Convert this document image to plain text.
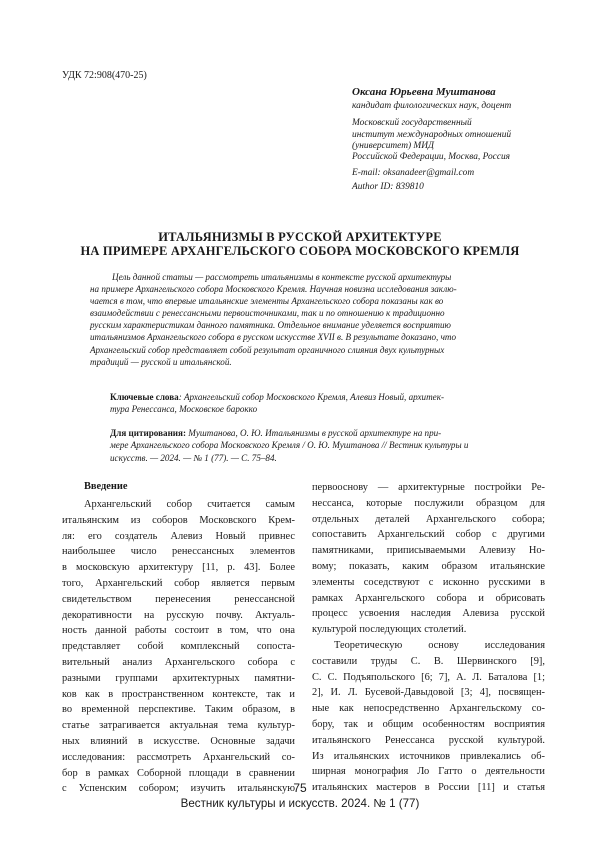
УДК 72:908(470-25)
Оксана Юрьевна Муштанова
кандидат филологических наук, доцент
Московский государственный
институт международных отношений
(университет) МИД
Российской Федерации, Москва, Россия
E-mail: oksanadeer@gmail.com
Author ID: 839810
ИТАЛЬЯНИЗМЫ В РУССКОЙ АРХИТЕКТУРЕ
НА ПРИМЕРЕ АРХАНГЕЛЬСКОГО СОБОРА МОСКОВСКОГО КРЕМЛЯ
Цель данной статьи — рассмотреть итальянизмы в контексте русской архитектуры
на примере Архангельского собора Московского Кремля. Научная новизна исследования заклю-
чается в том, что впервые итальянские элементы Архангельского собора показаны как во
взаимодействии с ренессансными первоисточниками, так и по отношению к традиционно
русским характеристикам данного памятника. Отдельное внимание уделяется восприятию
итальянизмов Архангельского собора в русском искусстве XVII в. В результате доказано, что
Архангельский собор представляет собой результат органичного слияния двух культурных
традиций — русской и итальянской.
Ключевые слова: Архангельский собор Московского Кремля, Алевиз Новый, архитек-
тура Ренессанса, Московское барокко
Для цитирования: Муштанова, О. Ю. Итальянизмы в русской архитектуре на при-
мере Архангельского собора Московского Кремля / О. Ю. Муштанова // Вестник культуры и
искусств. — 2024. — № 1 (77). — С. 75–84.
Введение
Архангельский собор считается самым
итальянским из соборов Московского Крем-
ля: его создатель Алевиз Новый привнес
наибольшее число ренессансных элементов
в московскую архитектуру [11, р. 43]. Более
того, Архангельский собор является первым
свидетельством перенесения ренессансной
декоративности на русскую почву. Актуаль-
ность данной работы состоит в том, что она
представляет собой комплексный сопоста-
вительный анализ Архангельского собора с
разными группами архитектурных памятни-
ков как в пространственном контексте, так и
во временной перспективе. Таким образом, в
статье затрагивается актуальная тема культур-
ных влияний в искусстве. Основные задачи
исследования: рассмотреть Архангельский со-
бор в рамках Соборной площади в сравнении
с Успенским собором; изучить итальянскую
первооснову — архитектурные постройки Ре-
нессанса, которые послужили образцом для
отдельных деталей Архангельского собора;
сопоставить Архангельский собор с другими
памятниками, приписываемыми Алевизу Но-
вому; показать, каким образом итальянские
элементы соседствуют с исконно русскими в
рамках Архангельского собора и обрисовать
процесс усвоения наследия Алевиза русской
культурой последующих столетий.
Теоретическую основу исследования
составили труды С. В. Шервинского [9],
С. С. Подъяпольского [6; 7], А. Л. Баталова [1;
2], И. Л. Бусевой-Давыдовой [3; 4], посвящен-
ные как непосредственно Архангельскому со-
бору, так и общим особенностям восприятия
итальянского Ренессанса русской культурой.
Из итальянских источников привлекались об-
ширная монография Ло Гатто о деятельности
итальянских мастеров в России [11] и статья
75
Вестник культуры и искусств. 2024. № 1 (77)
